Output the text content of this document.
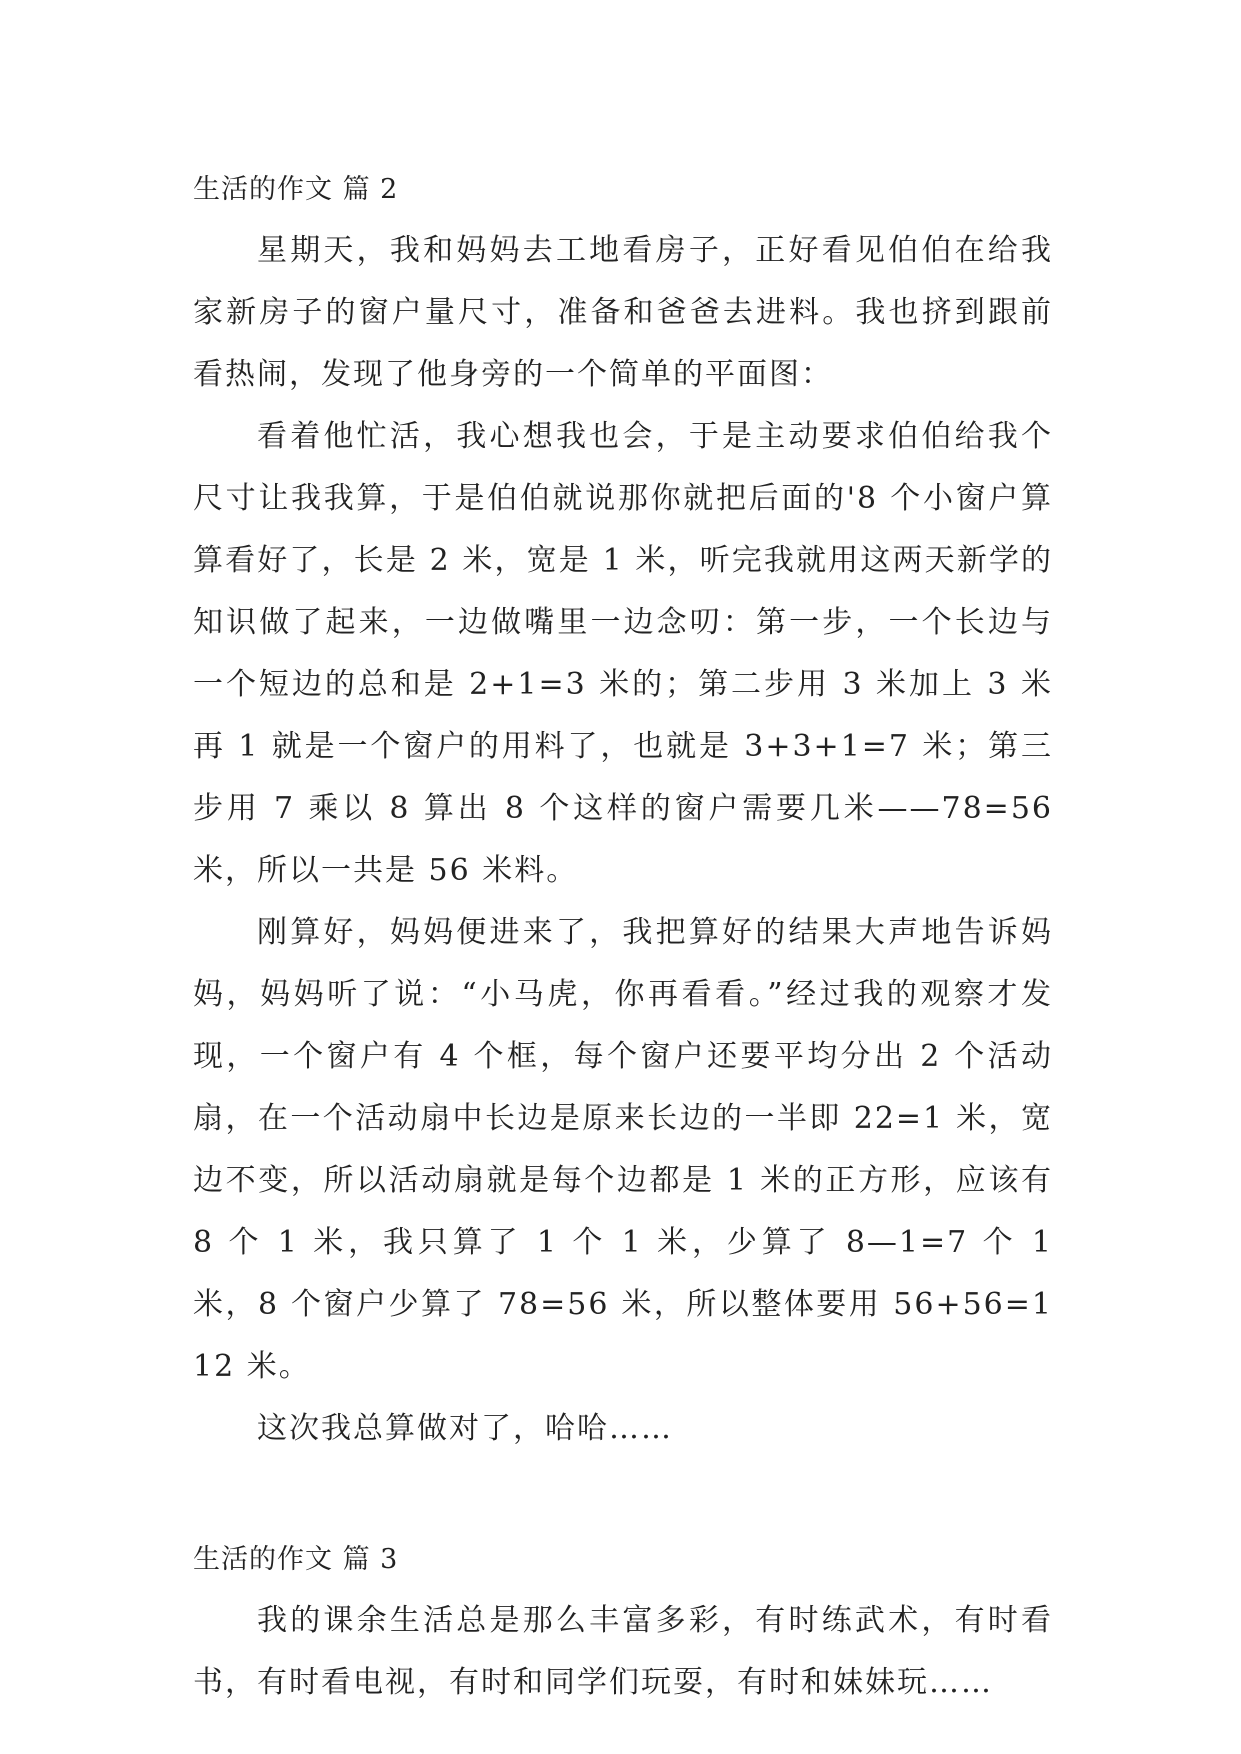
生活的作文 篇 2

星期天，我和妈妈去工地看房子，正好看见伯伯在给我家新房子的窗户量尺寸，准备和爸爸去进料。我也挤到跟前看热闹，发现了他身旁的一个简单的平面图：

看着他忙活，我心想我也会，于是主动要求伯伯给我个尺寸让我我算，于是伯伯就说那你就把后面的'8 个小窗户算算看好了，长是 2 米，宽是 1 米，听完我就用这两天新学的知识做了起来，一边做嘴里一边念叨：第一步，一个长边与一个短边的总和是 2+1=3 米的；第二步用 3 米加上 3 米再 1 就是一个窗户的用料了，也就是 3+3+1=7 米；第三步用 7 乘以 8 算出 8 个这样的窗户需要几米——78=56 米，所以一共是 56 米料。

刚算好，妈妈便进来了，我把算好的结果大声地告诉妈妈，妈妈听了说：“小马虎，你再看看。”经过我的观察才发现，一个窗户有 4 个框，每个窗户还要平均分出 2 个活动扇，在一个活动扇中长边是原来长边的一半即 22=1 米，宽边不变，所以活动扇就是每个边都是 1 米的正方形，应该有 8 个 1 米，我只算了 1 个 1 米，少算了 8—1=7 个 1 米，8 个窗户少算了 78=56 米，所以整体要用 56+56=112 米。

这次我总算做对了，哈哈……

生活的作文 篇 3

我的课余生活总是那么丰富多彩，有时练武术，有时看书，有时看电视，有时和同学们玩耍，有时和妹妹玩……
